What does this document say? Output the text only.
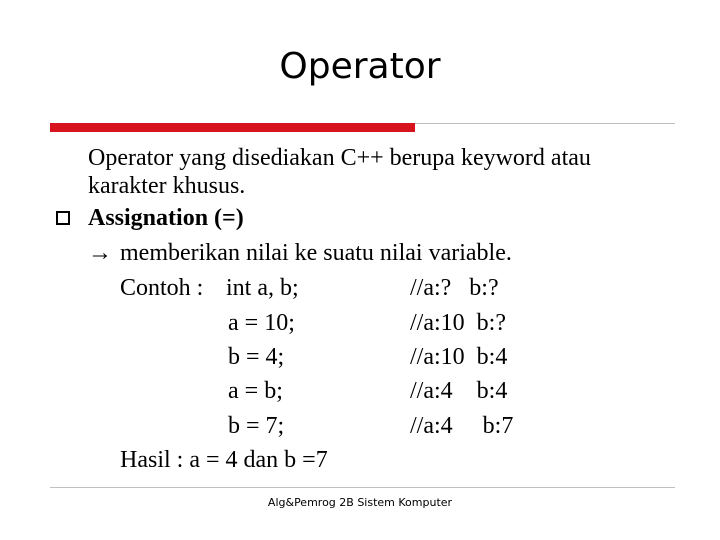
Operator
Operator yang disediakan C++ berupa keyword atau
karakter khusus.
Assignation (=)
→ memberikan nilai ke suatu nilai variable.
Contoh : int a, b;	//a:?   b:?
a = 10;	//a:10  b:?
b = 4;	//a:10  b:4
a = b;	//a:4    b:4
b = 7;	//a:4     b:7
Hasil : a = 4 dan b =7
Alg&Pemrog 2B Sistem Komputer
